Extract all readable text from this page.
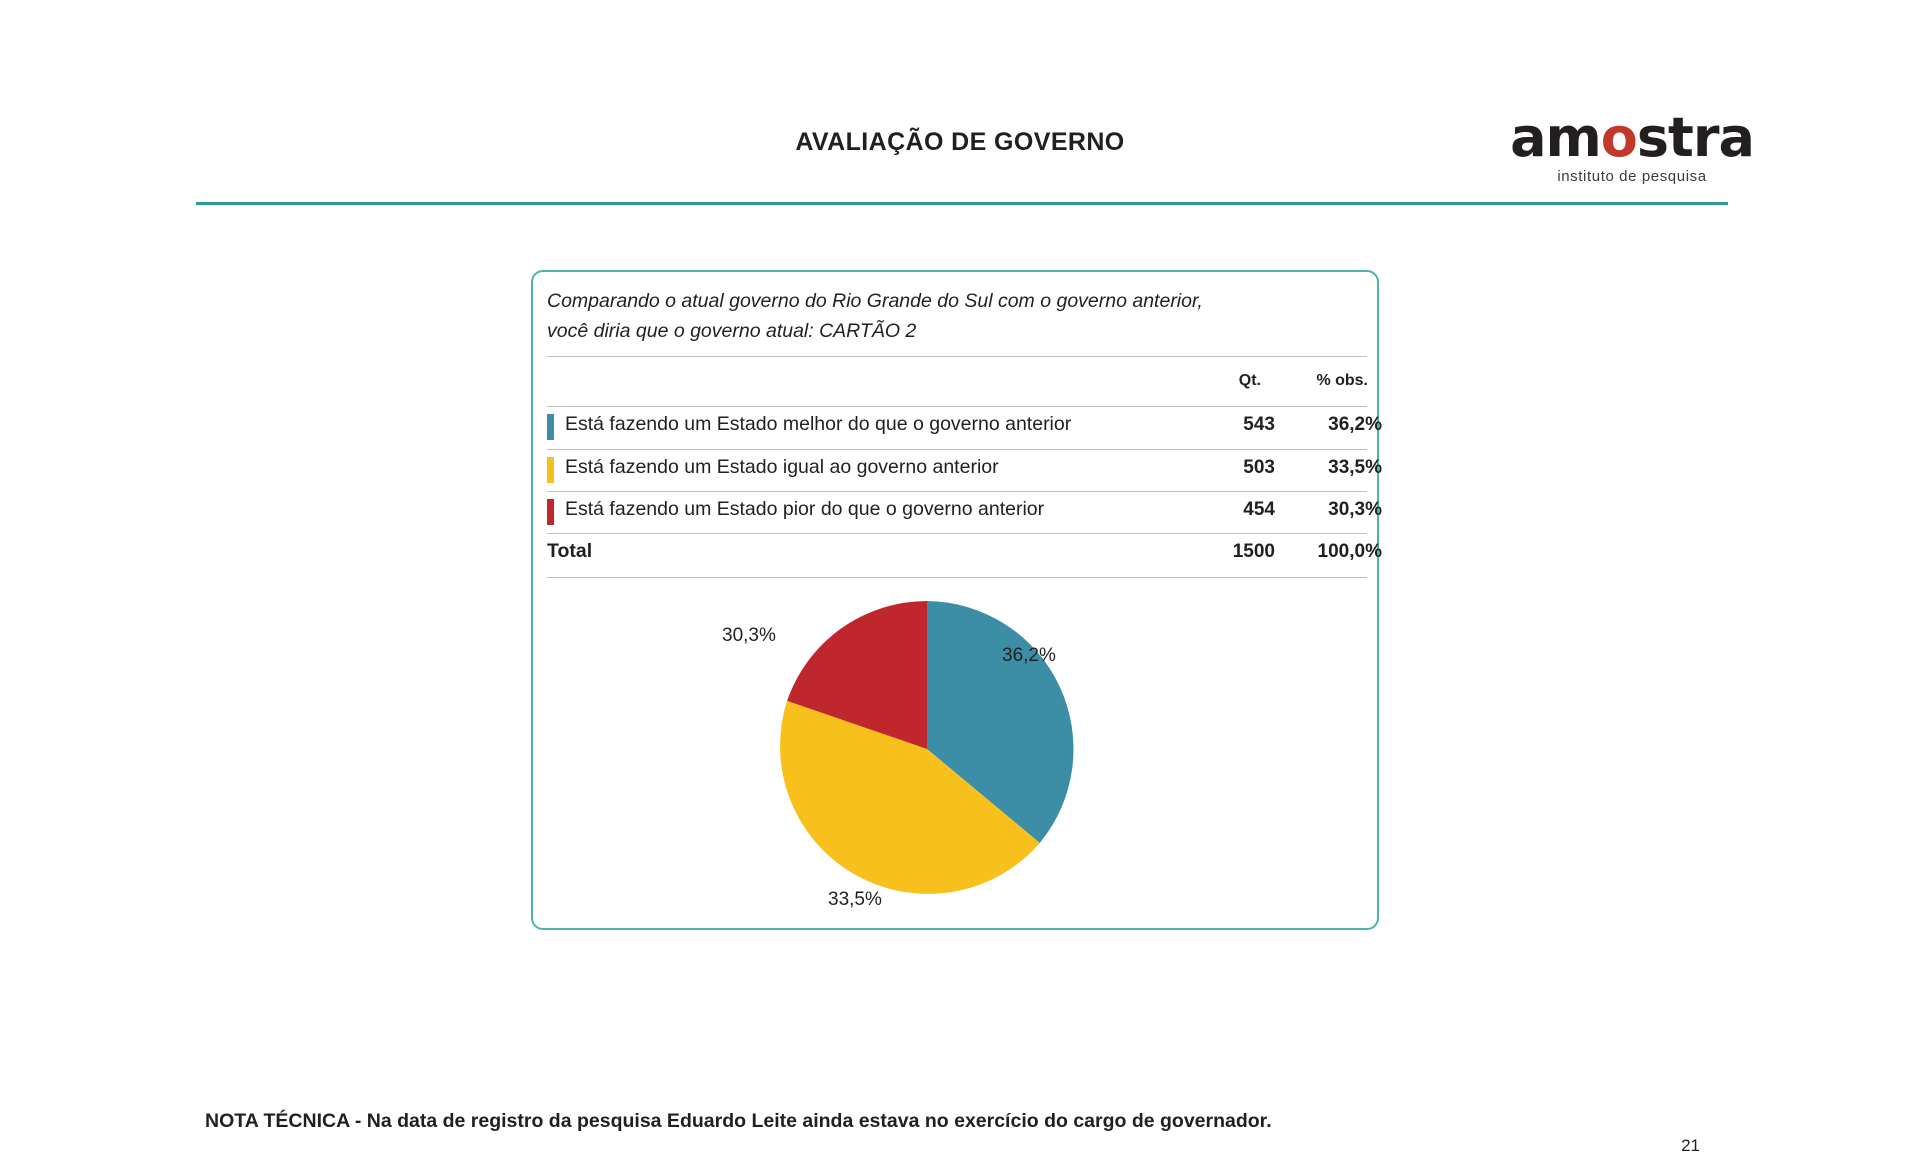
AVALIAÇÃO DE GOVERNO	amostra
instituto de pesquisa
Comparando o atual governo do Rio Grande do Sul com o governo anterior,
você diria que o governo atual: CARTÃO 2
Qt.	% obs.
Está fazendo um Estado melhor do que o governo anterior	543	36,2%
Está fazendo um Estado igual ao governo anterior	503	33,5%
Está fazendo um Estado pior do que o governo anterior	454	30,3%
Total	1500	100,0%
36,2%
33,5%
30,3%
NOTA TÉCNICA - Na data de registro da pesquisa Eduardo Leite ainda estava no exercício do cargo de governador.
21
